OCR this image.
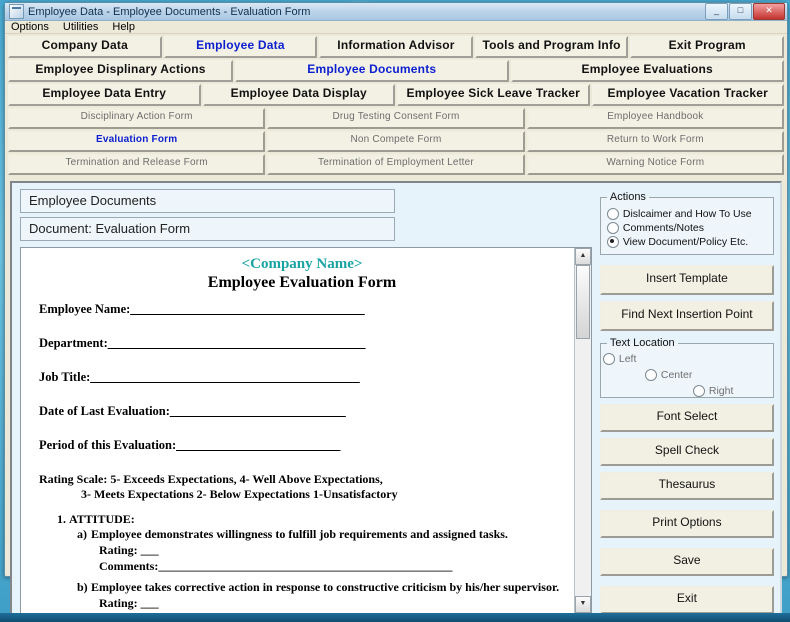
Employee Data - Employee Documents - Evaluation Form	_	□	✕
Options Utilities Help
Company Data	Employee Data	Information Advisor	Tools and Program Info	Exit Program
Employee Displinary Actions	Employee Documents	Employee Evaluations
Employee Data Entry	Employee Data Display	Employee Sick Leave Tracker	Employee Vacation Tracker
Disciplinary Action Form	Drug Testing Consent Form	Employee Handbook
Evaluation Form	Non Compete Form	Return to Work Form
Termination and Release Form	Termination of Employment Letter	Warning Notice Form
Employee Documents
Document: Evaluation Form
<Company Name>
Employee Evaluation Form
Employee Name:________________________________________
Department:____________________________________________
Job Title:______________________________________________
Date of Last Evaluation:______________________________
Period of this Evaluation:____________________________
Rating Scale: 5- Exceeds Expectations, 4- Well Above Expectations,
3- Meets Expectations 2- Below Expectations 1-Unsatisfactory
1. ATTITUDE:
a) Employee demonstrates willingness to fulfill job requirements and assigned tasks.
Rating: ___
Comments:_________________________________________________
b) Employee takes corrective action in response to constructive criticism by his/her supervisor.
Rating: ___
▲
▼
Actions
Dislcaimer and How To Use
Comments/Notes
View Document/Policy Etc.
Insert Template
Find Next Insertion Point
Text Location
Left
Center
Right
Font Select
Spell Check
Thesaurus
Print Options
Save
Exit
